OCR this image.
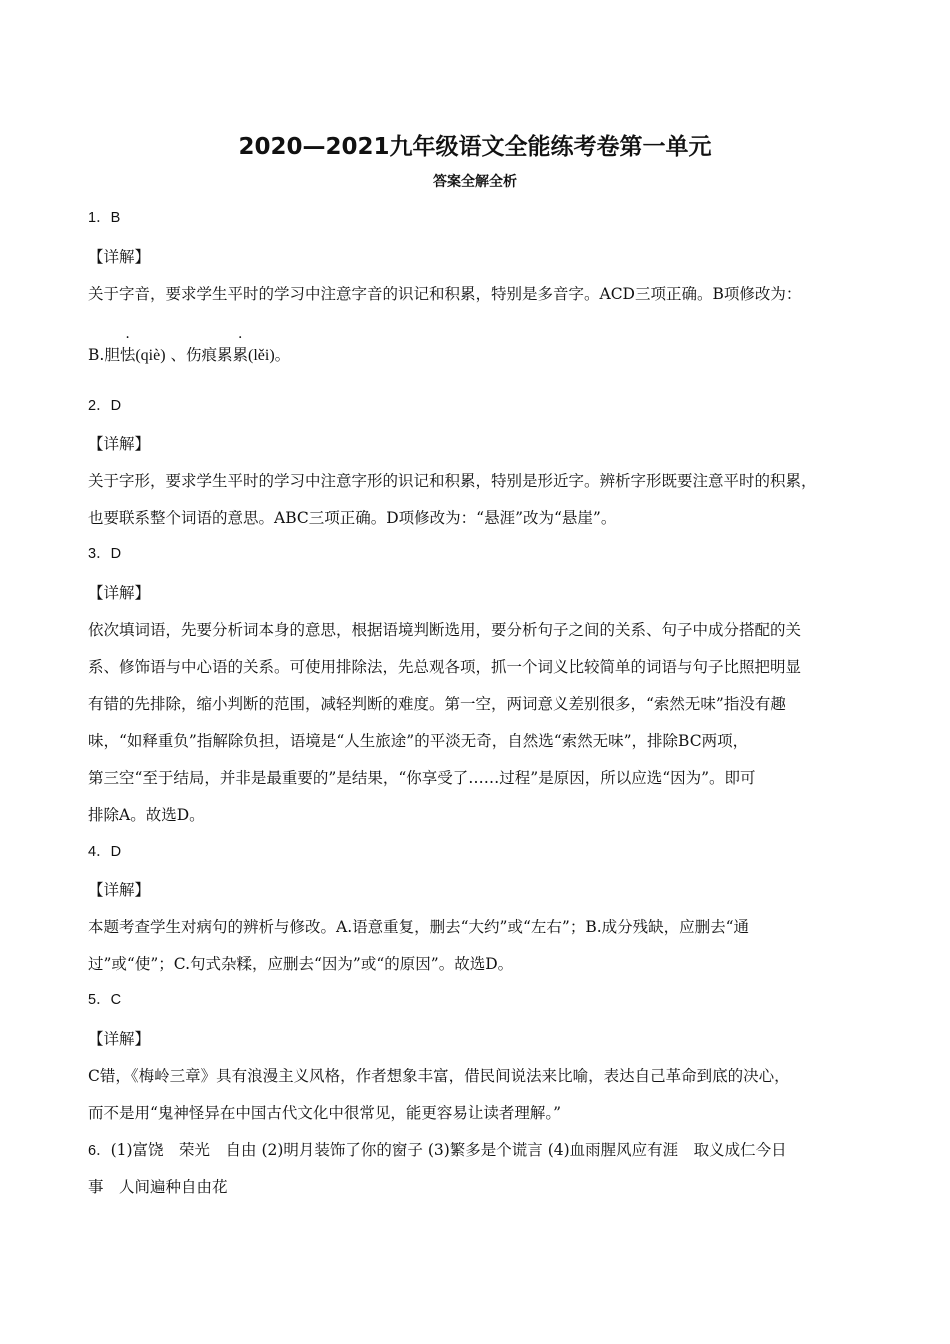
2020—2021九年级语文全能练考卷第一单元
答案全解全析
1．B
【详解】
关于字音，要求学生平时的学习中注意字音的识记和积累，特别是多音字。ACD三项正确。B项修改为：
B.胆怯(qiè) 、伤痕累累(lěi)。
2．D
【详解】
关于字形，要求学生平时的学习中注意字形的识记和积累，特别是形近字。辨析字形既要注意平时的积累，
也要联系整个词语的意思。ABC三项正确。D项修改为：“悬涯”改为“悬崖”。
3．D
【详解】
依次填词语，先要分析词本身的意思，根据语境判断选用，要分析句子之间的关系、句子中成分搭配的关
系、修饰语与中心语的关系。可使用排除法，先总观各项，抓一个词义比较简单的词语与句子比照把明显
有错的先排除，缩小判断的范围，减轻判断的难度。第一空，两词意义差别很多，“索然无味”指没有趣
味，“如释重负”指解除负担，语境是“人生旅途”的平淡无奇，自然选“索然无味”，排除BC两项，
第三空“至于结局，并非是最重要的”是结果，“你享受了……过程”是原因，所以应选“因为”。即可
排除A。故选D。
4．D
【详解】
本题考查学生对病句的辨析与修改。A.语意重复，删去“大约”或“左右”；B.成分残缺，应删去“通
过”或“使”；C.句式杂糅，应删去“因为”或“的原因”。故选D。
5．C
【详解】
C错，《梅岭三章》具有浪漫主义风格，作者想象丰富，借民间说法来比喻，表达自己革命到底的决心，
而不是用“鬼神怪异在中国古代文化中很常见，能更容易让读者理解。”
6．(1)富饶　荣光　自由 (2)明月装饰了你的窗子 (3)繁多是个谎言 (4)血雨腥风应有涯　取义成仁今日
事　人间遍种自由花
